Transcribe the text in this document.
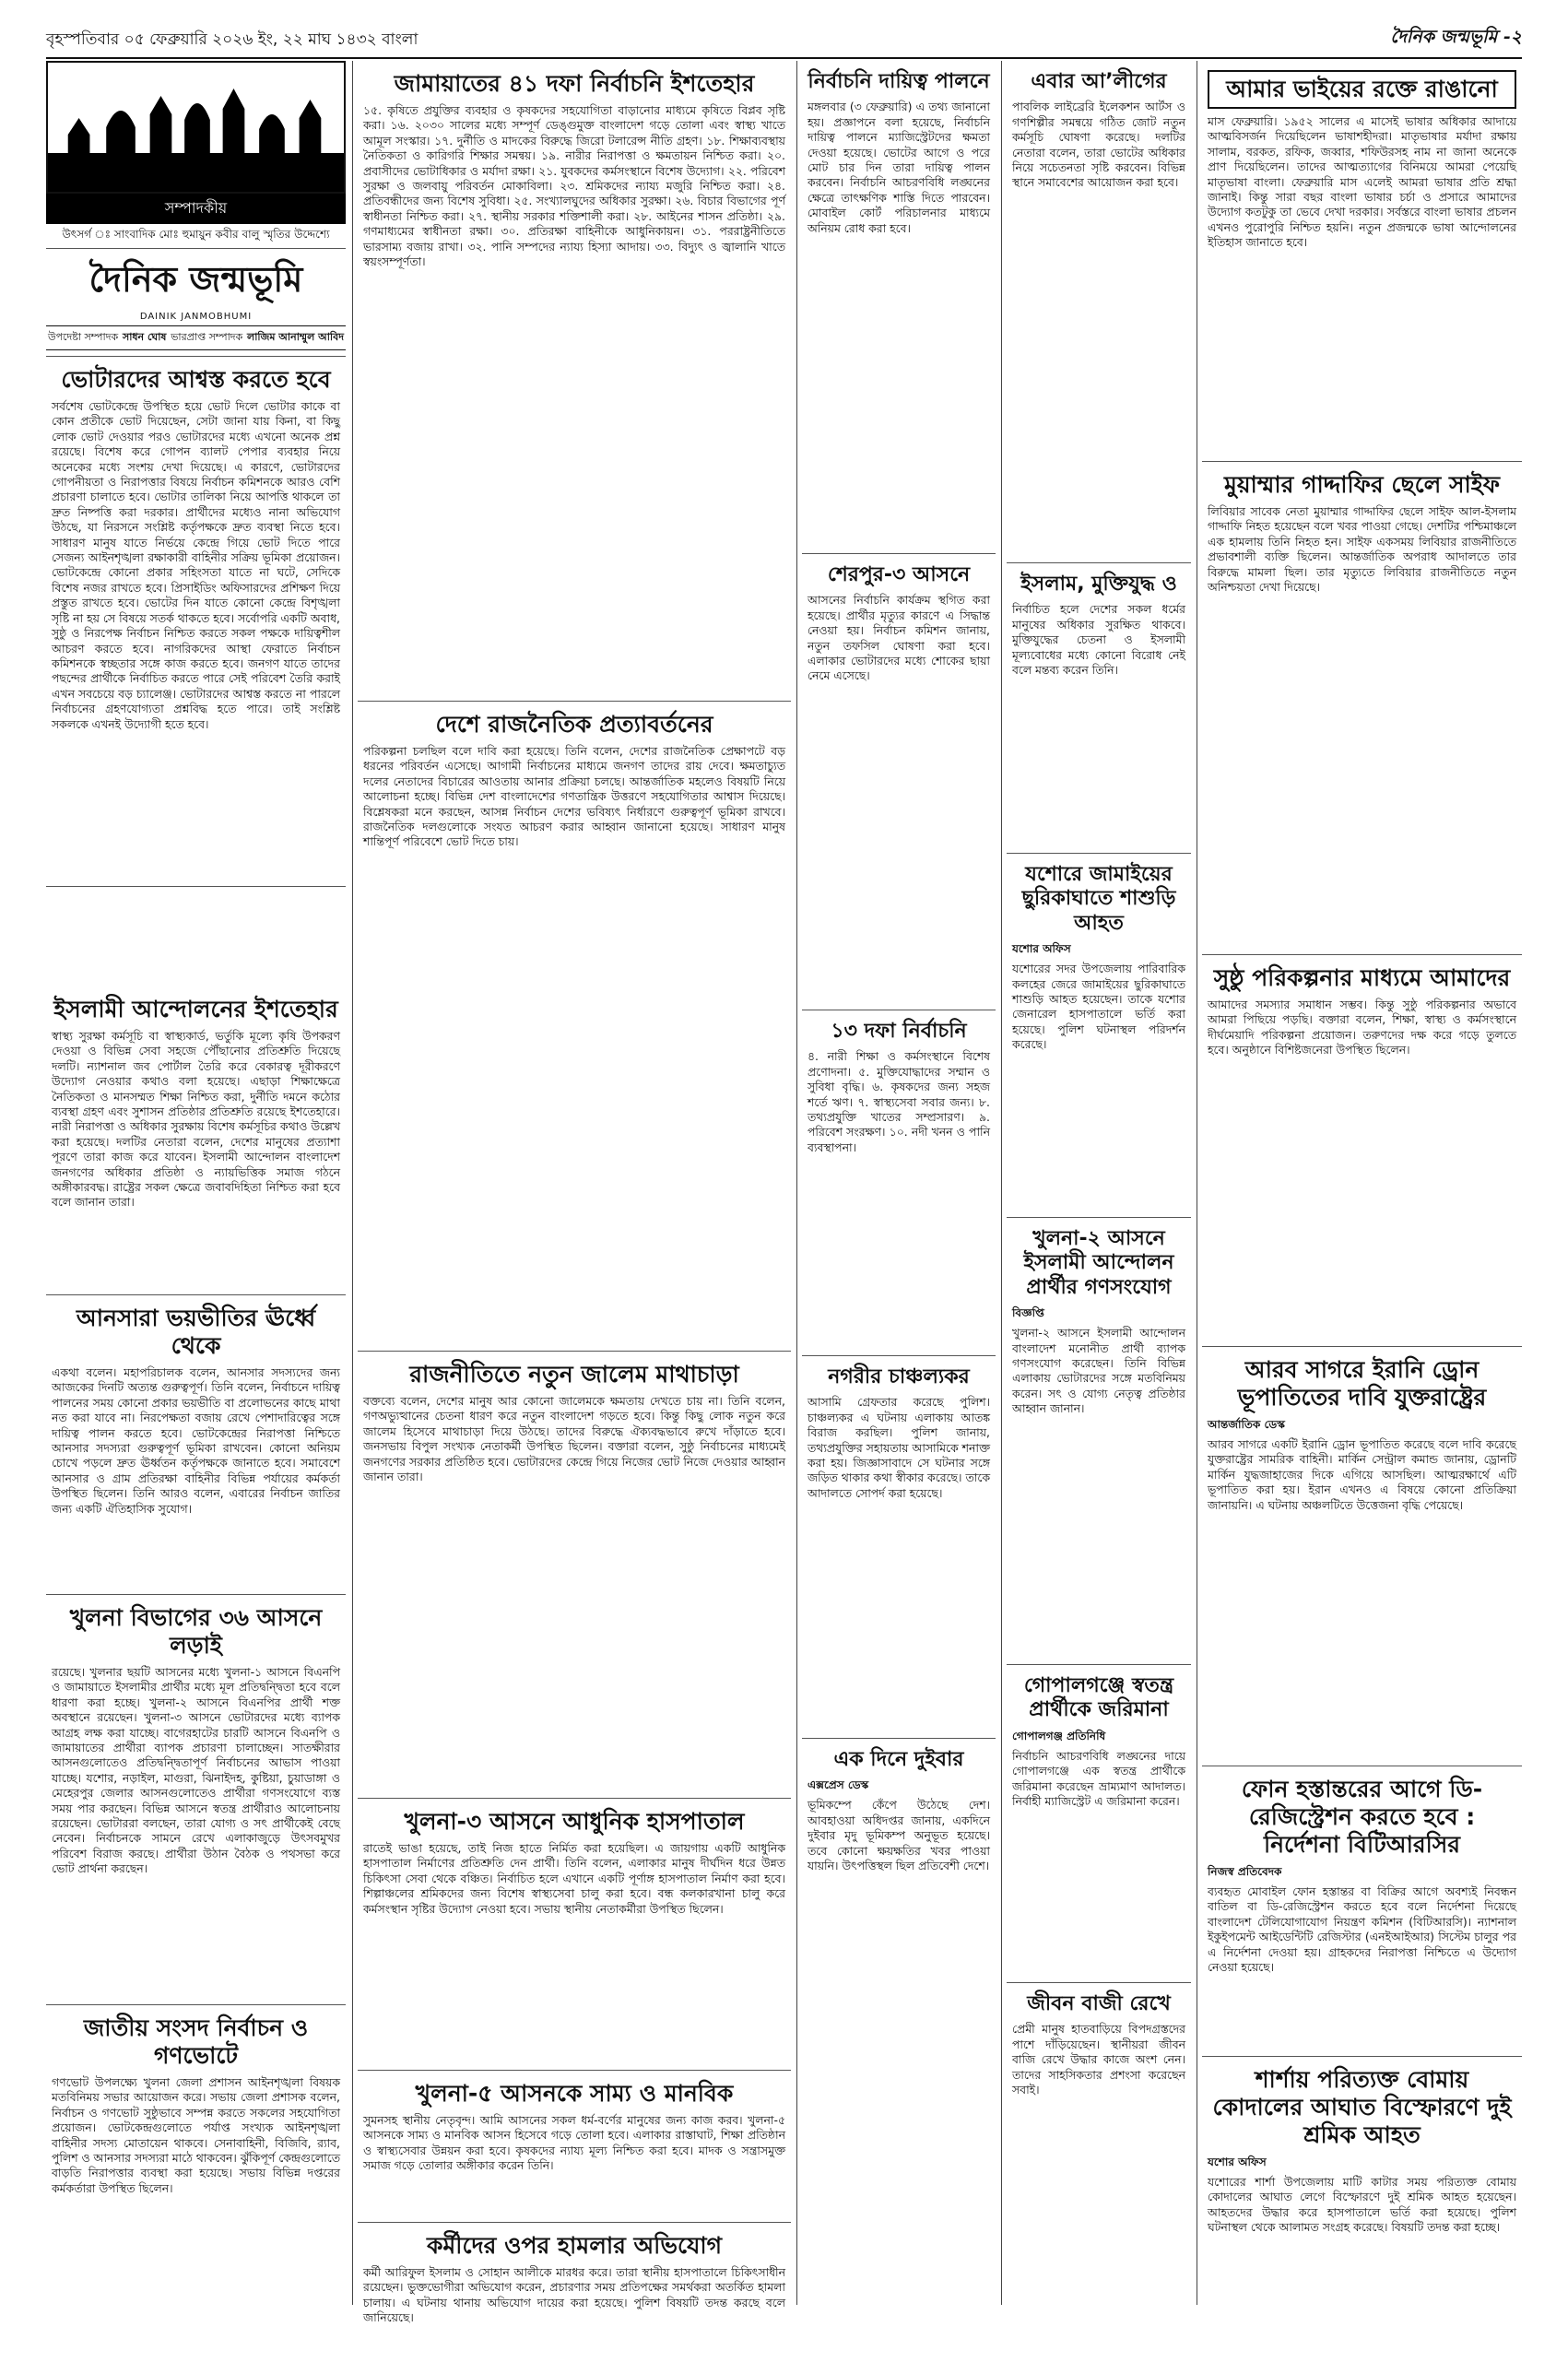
বৃহস্পতিবার ০৫ ফেব্রুয়ারি ২০২৬ ইং, ২২ মাঘ ১৪৩২ বাংলা	দৈনিক জন্মভূমি -২
সম্পাদকীয়
উৎসর্গ ঃ সাংবাদিক মোঃ হুমায়ুন কবীর বালু স্মৃতির উদ্দেশ্যে
দৈনিক জন্মভূমি
DAINIK JANMOBHUMI
উপদেষ্টা সম্পাদক সাধন ঘোষ ভারপ্রাপ্ত সম্পাদক লাজিম আনাম্মুল আবিদ
ভোটারদের আশ্বস্ত করতে হবে
সর্বশেষ ভোটকেন্দ্রে উপস্থিত হয়ে ভোট দিলে ভোটার কাকে বা কোন প্রতীকে ভোট দিয়েছেন, সেটা জানা যায় কিনা, বা কিছু লোক ভোট দেওয়ার পরও ভোটারদের মধ্যে এখনো অনেক প্রশ্ন রয়েছে। বিশেষ করে গোপন ব্যালট পেপার ব্যবহার নিয়ে অনেকের মধ্যে সংশয় দেখা দিয়েছে। এ কারণে, ভোটারদের গোপনীয়তা ও নিরাপত্তার বিষয়ে নির্বাচন কমিশনকে আরও বেশি প্রচারণা চালাতে হবে। ভোটার তালিকা নিয়ে আপত্তি থাকলে তা দ্রুত নিষ্পত্তি করা দরকার। প্রার্থীদের মধ্যেও নানা অভিযোগ উঠছে, যা নিরসনে সংশ্লিষ্ট কর্তৃপক্ষকে দ্রুত ব্যবস্থা নিতে হবে। সাধারণ মানুষ যাতে নির্ভয়ে কেন্দ্রে গিয়ে ভোট দিতে পারে সেজন্য আইনশৃঙ্খলা রক্ষাকারী বাহিনীর সক্রিয় ভূমিকা প্রয়োজন। ভোটকেন্দ্রে কোনো প্রকার সহিংসতা যাতে না ঘটে, সেদিকে বিশেষ নজর রাখতে হবে। প্রিসাইডিং অফিসারদের প্রশিক্ষণ দিয়ে প্রস্তুত রাখতে হবে। ভোটের দিন যাতে কোনো কেন্দ্রে বিশৃঙ্খলা সৃষ্টি না হয় সে বিষয়ে সতর্ক থাকতে হবে। সর্বোপরি একটি অবাধ, সুষ্ঠু ও নিরপেক্ষ নির্বাচন নিশ্চিত করতে সকল পক্ষকে দায়িত্বশীল আচরণ করতে হবে। নাগরিকদের আস্থা ফেরাতে নির্বাচন কমিশনকে স্বচ্ছতার সঙ্গে কাজ করতে হবে। জনগণ যাতে তাদের পছন্দের প্রার্থীকে নির্বাচিত করতে পারে সেই পরিবেশ তৈরি করাই এখন সবচেয়ে বড় চ্যালেঞ্জ। ভোটারদের আশ্বস্ত করতে না পারলে নির্বাচনের গ্রহণযোগ্যতা প্রশ্নবিদ্ধ হতে পারে। তাই সংশ্লিষ্ট সকলকে এখনই উদ্যোগী হতে হবে।
ইসলামী আন্দোলনের ইশতেহার
স্বাস্থ্য সুরক্ষা কর্মসূচি বা স্বাস্থ্যকার্ড, ভর্তুকি মূল্যে কৃষি উপকরণ দেওয়া ও বিভিন্ন সেবা সহজে পৌঁছানোর প্রতিশ্রুতি দিয়েছে দলটি। ন্যাশনাল জব পোর্টাল তৈরি করে বেকারত্ব দূরীকরণে উদ্যোগ নেওয়ার কথাও বলা হয়েছে। এছাড়া শিক্ষাক্ষেত্রে নৈতিকতা ও মানসম্মত শিক্ষা নিশ্চিত করা, দুর্নীতি দমনে কঠোর ব্যবস্থা গ্রহণ এবং সুশাসন প্রতিষ্ঠার প্রতিশ্রুতি রয়েছে ইশতেহারে। নারী নিরাপত্তা ও অধিকার সুরক্ষায় বিশেষ কর্মসূচির কথাও উল্লেখ করা হয়েছে। দলটির নেতারা বলেন, দেশের মানুষের প্রত্যাশা পূরণে তারা কাজ করে যাবেন। ইসলামী আন্দোলন বাংলাদেশ জনগণের অধিকার প্রতিষ্ঠা ও ন্যায়ভিত্তিক সমাজ গঠনে অঙ্গীকারবদ্ধ। রাষ্ট্রের সকল ক্ষেত্রে জবাবদিহিতা নিশ্চিত করা হবে বলে জানান তারা।
আনসারা ভয়ভীতির ঊর্ধ্বে থেকে
একথা বলেন। মহাপরিচালক বলেন, আনসার সদস্যদের জন্য আজকের দিনটি অত্যন্ত গুরুত্বপূর্ণ। তিনি বলেন, নির্বাচনে দায়িত্ব পালনের সময় কোনো প্রকার ভয়ভীতি বা প্রলোভনের কাছে মাথা নত করা যাবে না। নিরপেক্ষতা বজায় রেখে পেশাদারিত্বের সঙ্গে দায়িত্ব পালন করতে হবে। ভোটকেন্দ্রের নিরাপত্তা নিশ্চিতে আনসার সদস্যরা গুরুত্বপূর্ণ ভূমিকা রাখবেন। কোনো অনিয়ম চোখে পড়লে দ্রুত ঊর্ধ্বতন কর্তৃপক্ষকে জানাতে হবে। সমাবেশে আনসার ও গ্রাম প্রতিরক্ষা বাহিনীর বিভিন্ন পর্যায়ের কর্মকর্তা উপস্থিত ছিলেন। তিনি আরও বলেন, এবারের নির্বাচন জাতির জন্য একটি ঐতিহাসিক সুযোগ।
খুলনা বিভাগের ৩৬ আসনে লড়াই
রয়েছে। খুলনার ছয়টি আসনের মধ্যে খুলনা-১ আসনে বিএনপি ও জামায়াতে ইসলামীর প্রার্থীর মধ্যে মূল প্রতিদ্বন্দ্বিতা হবে বলে ধারণা করা হচ্ছে। খুলনা-২ আসনে বিএনপির প্রার্থী শক্ত অবস্থানে রয়েছেন। খুলনা-৩ আসনে ভোটারদের মধ্যে ব্যাপক আগ্রহ লক্ষ করা যাচ্ছে। বাগেরহাটের চারটি আসনে বিএনপি ও জামায়াতের প্রার্থীরা ব্যাপক প্রচারণা চালাচ্ছেন। সাতক্ষীরার আসনগুলোতেও প্রতিদ্বন্দ্বিতাপূর্ণ নির্বাচনের আভাস পাওয়া যাচ্ছে। যশোর, নড়াইল, মাগুরা, ঝিনাইদহ, কুষ্টিয়া, চুয়াডাঙ্গা ও মেহেরপুর জেলার আসনগুলোতেও প্রার্থীরা গণসংযোগে ব্যস্ত সময় পার করছেন। বিভিন্ন আসনে স্বতন্ত্র প্রার্থীরাও আলোচনায় রয়েছেন। ভোটাররা বলছেন, তারা যোগ্য ও সৎ প্রার্থীকেই বেছে নেবেন। নির্বাচনকে সামনে রেখে এলাকাজুড়ে উৎসবমুখর পরিবেশ বিরাজ করছে। প্রার্থীরা উঠান বৈঠক ও পথসভা করে ভোট প্রার্থনা করছেন।
জাতীয় সংসদ নির্বাচন ও গণভোটে
গণভোট উপলক্ষ্যে খুলনা জেলা প্রশাসন আইনশৃঙ্খলা বিষয়ক মতবিনিময় সভার আয়োজন করে। সভায় জেলা প্রশাসক বলেন, নির্বাচন ও গণভোট সুষ্ঠুভাবে সম্পন্ন করতে সকলের সহযোগিতা প্রয়োজন। ভোটকেন্দ্রগুলোতে পর্যাপ্ত সংখ্যক আইনশৃঙ্খলা বাহিনীর সদস্য মোতায়েন থাকবে। সেনাবাহিনী, বিজিবি, র‍্যাব, পুলিশ ও আনসার সদস্যরা মাঠে থাকবেন। ঝুঁকিপূর্ণ কেন্দ্রগুলোতে বাড়তি নিরাপত্তার ব্যবস্থা করা হয়েছে। সভায় বিভিন্ন দপ্তরের কর্মকর্তারা উপস্থিত ছিলেন।
জামায়াতের ৪১ দফা নির্বাচনি ইশতেহার
১৫. কৃষিতে প্রযুক্তির ব্যবহার ও কৃষকদের সহযোগিতা বাড়ানোর মাধ্যমে কৃষিতে বিপ্লব সৃষ্টি করা। ১৬. ২০৩০ সালের মধ্যে সম্পূর্ণ ডেঙ্গুমুক্ত বাংলাদেশ গড়ে তোলা এবং স্বাস্থ্য খাতে আমূল সংস্কার। ১৭. দুর্নীতি ও মাদকের বিরুদ্ধে জিরো টলারেন্স নীতি গ্রহণ। ১৮. শিক্ষাব্যবস্থায় নৈতিকতা ও কারিগরি শিক্ষার সমন্বয়। ১৯. নারীর নিরাপত্তা ও ক্ষমতায়ন নিশ্চিত করা। ২০. প্রবাসীদের ভোটাধিকার ও মর্যাদা রক্ষা। ২১. যুবকদের কর্মসংস্থানে বিশেষ উদ্যোগ। ২২. পরিবেশ সুরক্ষা ও জলবায়ু পরিবর্তন মোকাবিলা। ২৩. শ্রমিকদের ন্যায্য মজুরি নিশ্চিত করা। ২৪. প্রতিবন্ধীদের জন্য বিশেষ সুবিধা। ২৫. সংখ্যালঘুদের অধিকার সুরক্ষা। ২৬. বিচার বিভাগের পূর্ণ স্বাধীনতা নিশ্চিত করা। ২৭. স্থানীয় সরকার শক্তিশালী করা। ২৮. আইনের শাসন প্রতিষ্ঠা। ২৯. গণমাধ্যমের স্বাধীনতা রক্ষা। ৩০. প্রতিরক্ষা বাহিনীকে আধুনিকায়ন। ৩১. পররাষ্ট্রনীতিতে ভারসাম্য বজায় রাখা। ৩২. পানি সম্পদের ন্যায্য হিস্যা আদায়। ৩৩. বিদ্যুৎ ও জ্বালানি খাতে স্বয়ংসম্পূর্ণতা।
দেশে রাজনৈতিক প্রত্যাবর্তনের
পরিকল্পনা চলছিল বলে দাবি করা হয়েছে। তিনি বলেন, দেশের রাজনৈতিক প্রেক্ষাপটে বড় ধরনের পরিবর্তন এসেছে। আগামী নির্বাচনের মাধ্যমে জনগণ তাদের রায় দেবে। ক্ষমতাচ্যুত দলের নেতাদের বিচারের আওতায় আনার প্রক্রিয়া চলছে। আন্তর্জাতিক মহলেও বিষয়টি নিয়ে আলোচনা হচ্ছে। বিভিন্ন দেশ বাংলাদেশের গণতান্ত্রিক উত্তরণে সহযোগিতার আশ্বাস দিয়েছে। বিশ্লেষকরা মনে করছেন, আসন্ন নির্বাচন দেশের ভবিষ্যৎ নির্ধারণে গুরুত্বপূর্ণ ভূমিকা রাখবে। রাজনৈতিক দলগুলোকে সংযত আচরণ করার আহ্বান জানানো হয়েছে। সাধারণ মানুষ শান্তিপূর্ণ পরিবেশে ভোট দিতে চায়।
রাজনীতিতে নতুন জালেম মাথাচাড়া
বক্তব্যে বলেন, দেশের মানুষ আর কোনো জালেমকে ক্ষমতায় দেখতে চায় না। তিনি বলেন, গণঅভ্যুত্থানের চেতনা ধারণ করে নতুন বাংলাদেশ গড়তে হবে। কিন্তু কিছু লোক নতুন করে জালেম হিসেবে মাথাচাড়া দিয়ে উঠছে। তাদের বিরুদ্ধে ঐক্যবদ্ধভাবে রুখে দাঁড়াতে হবে। জনসভায় বিপুল সংখ্যক নেতাকর্মী উপস্থিত ছিলেন। বক্তারা বলেন, সুষ্ঠু নির্বাচনের মাধ্যমেই জনগণের সরকার প্রতিষ্ঠিত হবে। ভোটারদের কেন্দ্রে গিয়ে নিজের ভোট নিজে দেওয়ার আহ্বান জানান তারা।
খুলনা-৩ আসনে আধুনিক হাসপাতাল
রাতেই ভাঙা হয়েছে, তাই নিজ হাতে নির্মিত করা হয়েছিল। এ জায়গায় একটি আধুনিক হাসপাতাল নির্মাণের প্রতিশ্রুতি দেন প্রার্থী। তিনি বলেন, এলাকার মানুষ দীর্ঘদিন ধরে উন্নত চিকিৎসা সেবা থেকে বঞ্চিত। নির্বাচিত হলে এখানে একটি পূর্ণাঙ্গ হাসপাতাল নির্মাণ করা হবে। শিল্পাঞ্চলের শ্রমিকদের জন্য বিশেষ স্বাস্থ্যসেবা চালু করা হবে। বন্ধ কলকারখানা চালু করে কর্মসংস্থান সৃষ্টির উদ্যোগ নেওয়া হবে। সভায় স্থানীয় নেতাকর্মীরা উপস্থিত ছিলেন।
খুলনা-৫ আসনকে সাম্য ও মানবিক
সুমনসহ স্থানীয় নেতৃবৃন্দ। আমি আসনের সকল ধর্ম-বর্ণের মানুষের জন্য কাজ করব। খুলনা-৫ আসনকে সাম্য ও মানবিক আসন হিসেবে গড়ে তোলা হবে। এলাকার রাস্তাঘাট, শিক্ষা প্রতিষ্ঠান ও স্বাস্থ্যসেবার উন্নয়ন করা হবে। কৃষকদের ন্যায্য মূল্য নিশ্চিত করা হবে। মাদক ও সন্ত্রাসমুক্ত সমাজ গড়ে তোলার অঙ্গীকার করেন তিনি।
কর্মীদের ওপর হামলার অভিযোগ
কর্মী আরিফুল ইসলাম ও সোহান আলীকে মারধর করে। তারা স্থানীয় হাসপাতালে চিকিৎসাধীন রয়েছেন। ভুক্তভোগীরা অভিযোগ করেন, প্রচারণার সময় প্রতিপক্ষের সমর্থকরা অতর্কিত হামলা চালায়। এ ঘটনায় থানায় অভিযোগ দায়ের করা হয়েছে। পুলিশ বিষয়টি তদন্ত করছে বলে জানিয়েছে।
নির্বাচনি দায়িত্ব পালনে
মঙ্গলবার (৩ ফেব্রুয়ারি) এ তথ্য জানানো হয়। প্রজ্ঞাপনে বলা হয়েছে, নির্বাচনি দায়িত্ব পালনে ম্যাজিস্ট্রেটদের ক্ষমতা দেওয়া হয়েছে। ভোটের আগে ও পরে মোট চার দিন তারা দায়িত্ব পালন করবেন। নির্বাচনি আচরণবিধি লঙ্ঘনের ক্ষেত্রে তাৎক্ষণিক শাস্তি দিতে পারবেন। মোবাইল কোর্ট পরিচালনার মাধ্যমে অনিয়ম রোধ করা হবে।
শেরপুর-৩ আসনে
আসনের নির্বাচনি কার্যক্রম স্থগিত করা হয়েছে। প্রার্থীর মৃত্যুর কারণে এ সিদ্ধান্ত নেওয়া হয়। নির্বাচন কমিশন জানায়, নতুন তফসিল ঘোষণা করা হবে। এলাকার ভোটারদের মধ্যে শোকের ছায়া নেমে এসেছে।
১৩ দফা নির্বাচনি
৪. নারী শিক্ষা ও কর্মসংস্থানে বিশেষ প্রণোদনা। ৫. মুক্তিযোদ্ধাদের সম্মান ও সুবিধা বৃদ্ধি। ৬. কৃষকদের জন্য সহজ শর্তে ঋণ। ৭. স্বাস্থ্যসেবা সবার জন্য। ৮. তথ্যপ্রযুক্তি খাতের সম্প্রসারণ। ৯. পরিবেশ সংরক্ষণ। ১০. নদী খনন ও পানি ব্যবস্থাপনা।
নগরীর চাঞ্চল্যকর
আসামি গ্রেফতার করেছে পুলিশ। চাঞ্চল্যকর এ ঘটনায় এলাকায় আতঙ্ক বিরাজ করছিল। পুলিশ জানায়, তথ্যপ্রযুক্তির সহায়তায় আসামিকে শনাক্ত করা হয়। জিজ্ঞাসাবাদে সে ঘটনার সঙ্গে জড়িত থাকার কথা স্বীকার করেছে। তাকে আদালতে সোপর্দ করা হয়েছে।
এক দিনে দুইবার
এক্সপ্রেস ডেস্ক
ভূমিকম্পে কেঁপে উঠেছে দেশ। আবহাওয়া অধিদপ্তর জানায়, একদিনে দুইবার মৃদু ভূমিকম্প অনুভূত হয়েছে। তবে কোনো ক্ষয়ক্ষতির খবর পাওয়া যায়নি। উৎপত্তিস্থল ছিল প্রতিবেশী দেশে।
এবার আ’লীগের
পাবলিক লাইব্রেরি ইলেকশন আর্টস ও গণশিল্পীর সমন্বয়ে গঠিত জোট নতুন কর্মসূচি ঘোষণা করেছে। দলটির নেতারা বলেন, তারা ভোটের অধিকার নিয়ে সচেতনতা সৃষ্টি করবেন। বিভিন্ন স্থানে সমাবেশের আয়োজন করা হবে।
ইসলাম, মুক্তিযুদ্ধ ও
নির্বাচিত হলে দেশের সকল ধর্মের মানুষের অধিকার সুরক্ষিত থাকবে। মুক্তিযুদ্ধের চেতনা ও ইসলামী মূল্যবোধের মধ্যে কোনো বিরোধ নেই বলে মন্তব্য করেন তিনি।
যশোরে জামাইয়ের ছুরিকাঘাতে শাশুড়ি আহত
যশোর অফিস
যশোরের সদর উপজেলায় পারিবারিক কলহের জেরে জামাইয়ের ছুরিকাঘাতে শাশুড়ি আহত হয়েছেন। তাকে যশোর জেনারেল হাসপাতালে ভর্তি করা হয়েছে। পুলিশ ঘটনাস্থল পরিদর্শন করেছে।
খুলনা-২ আসনে ইসলামী আন্দোলন প্রার্থীর গণসংযোগ
বিজ্ঞপ্তি
খুলনা-২ আসনে ইসলামী আন্দোলন বাংলাদেশ মনোনীত প্রার্থী ব্যাপক গণসংযোগ করেছেন। তিনি বিভিন্ন এলাকায় ভোটারদের সঙ্গে মতবিনিময় করেন। সৎ ও যোগ্য নেতৃত্ব প্রতিষ্ঠার আহ্বান জানান।
গোপালগঞ্জে স্বতন্ত্র প্রার্থীকে জরিমানা
গোপালগঞ্জ প্রতিনিধি
নির্বাচনি আচরণবিধি লঙ্ঘনের দায়ে গোপালগঞ্জে এক স্বতন্ত্র প্রার্থীকে জরিমানা করেছেন ভ্রাম্যমাণ আদালত। নির্বাহী ম্যাজিস্ট্রেট এ জরিমানা করেন।
জীবন বাজী রেখে
প্রেমী মানুষ হাতবাড়িয়ে বিপদগ্রস্তদের পাশে দাঁড়িয়েছেন। স্থানীয়রা জীবন বাজি রেখে উদ্ধার কাজে অংশ নেন। তাদের সাহসিকতার প্রশংসা করেছেন সবাই।
আমার ভাইয়ের রক্তে রাঙানো
মাস ফেব্রুয়ারি। ১৯৫২ সালের এ মাসেই ভাষার অধিকার আদায়ে আত্মবিসর্জন দিয়েছিলেন ভাষাশহীদরা। মাতৃভাষার মর্যাদা রক্ষায় সালাম, বরকত, রফিক, জব্বার, শফিউরসহ নাম না জানা অনেকে প্রাণ দিয়েছিলেন। তাদের আত্মত্যাগের বিনিময়ে আমরা পেয়েছি মাতৃভাষা বাংলা। ফেব্রুয়ারি মাস এলেই আমরা ভাষার প্রতি শ্রদ্ধা জানাই। কিন্তু সারা বছর বাংলা ভাষার চর্চা ও প্রসারে আমাদের উদ্যোগ কতটুকু তা ভেবে দেখা দরকার। সর্বস্তরে বাংলা ভাষার প্রচলন এখনও পুরোপুরি নিশ্চিত হয়নি। নতুন প্রজন্মকে ভাষা আন্দোলনের ইতিহাস জানাতে হবে।
মুয়াম্মার গাদ্দাফির ছেলে সাইফ
লিবিয়ার সাবেক নেতা মুয়াম্মার গাদ্দাফির ছেলে সাইফ আল-ইসলাম গাদ্দাফি নিহত হয়েছেন বলে খবর পাওয়া গেছে। দেশটির পশ্চিমাঞ্চলে এক হামলায় তিনি নিহত হন। সাইফ একসময় লিবিয়ার রাজনীতিতে প্রভাবশালী ব্যক্তি ছিলেন। আন্তর্জাতিক অপরাধ আদালতে তার বিরুদ্ধে মামলা ছিল। তার মৃত্যুতে লিবিয়ার রাজনীতিতে নতুন অনিশ্চয়তা দেখা দিয়েছে।
সুষ্ঠু পরিকল্পনার মাধ্যমে আমাদের
আমাদের সমস্যার সমাধান সম্ভব। কিন্তু সুষ্ঠু পরিকল্পনার অভাবে আমরা পিছিয়ে পড়ছি। বক্তারা বলেন, শিক্ষা, স্বাস্থ্য ও কর্মসংস্থানে দীর্ঘমেয়াদি পরিকল্পনা প্রয়োজন। তরুণদের দক্ষ করে গড়ে তুলতে হবে। অনুষ্ঠানে বিশিষ্টজনেরা উপস্থিত ছিলেন।
আরব সাগরে ইরানি ড্রোন ভূপাতিতের দাবি যুক্তরাষ্ট্রের
আন্তর্জাতিক ডেস্ক
আরব সাগরে একটি ইরানি ড্রোন ভূপাতিত করেছে বলে দাবি করেছে যুক্তরাষ্ট্রের সামরিক বাহিনী। মার্কিন সেন্ট্রাল কমান্ড জানায়, ড্রোনটি মার্কিন যুদ্ধজাহাজের দিকে এগিয়ে আসছিল। আত্মরক্ষার্থে এটি ভূপাতিত করা হয়। ইরান এখনও এ বিষয়ে কোনো প্রতিক্রিয়া জানায়নি। এ ঘটনায় অঞ্চলটিতে উত্তেজনা বৃদ্ধি পেয়েছে।
ফোন হস্তান্তরের আগে ডি-রেজিস্ট্রেশন করতে হবে : নির্দেশনা বিটিআরসির
নিজস্ব প্রতিবেদক
ব্যবহৃত মোবাইল ফোন হস্তান্তর বা বিক্রির আগে অবশ্যই নিবন্ধন বাতিল বা ডি-রেজিস্ট্রেশন করতে হবে বলে নির্দেশনা দিয়েছে বাংলাদেশ টেলিযোগাযোগ নিয়ন্ত্রণ কমিশন (বিটিআরসি)। ন্যাশনাল ইকুইপমেন্ট আইডেন্টিটি রেজিস্টার (এনইআইআর) সিস্টেম চালুর পর এ নির্দেশনা দেওয়া হয়। গ্রাহকদের নিরাপত্তা নিশ্চিতে এ উদ্যোগ নেওয়া হয়েছে।
শার্শায় পরিত্যক্ত বোমায় কোদালের আঘাত বিস্ফোরণে দুই শ্রমিক আহত
যশোর অফিস
যশোরের শার্শা উপজেলায় মাটি কাটার সময় পরিত্যক্ত বোমায় কোদালের আঘাত লেগে বিস্ফোরণে দুই শ্রমিক আহত হয়েছেন। আহতদের উদ্ধার করে হাসপাতালে ভর্তি করা হয়েছে। পুলিশ ঘটনাস্থল থেকে আলামত সংগ্রহ করেছে। বিষয়টি তদন্ত করা হচ্ছে।
